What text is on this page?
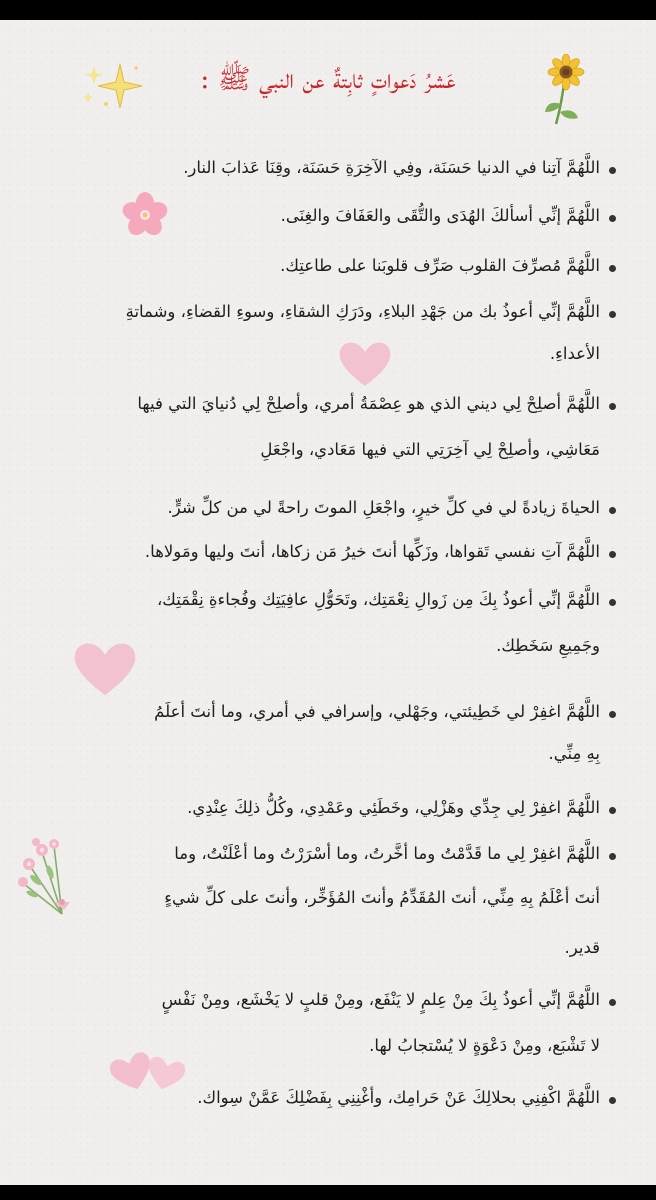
عَشرُ دَعواتٍ ثابِتةٌ عن النبي ﷺ :
اللَّهُمَّ آتِنا في الدنيا حَسَنَة، وفِي الآخِرَةِ حَسَنَة، وقِنَا عَذابَ النار.
اللَّهُمَّ إنِّي أسألكَ الهُدَى والتُّقَى والعَفَافَ والغِنَى.
اللَّهُمَّ مُصرِّفَ القلوب صَرِّف قلوبَنا على طاعتِك.
اللَّهُمَّ إنِّي أعوذُ بك من جَهْدِ البلاءِ، ودَرَكِ الشقاءِ، وسوءِ القضاءِ، وشماتةِ
الأعداءِ.
اللَّهُمَّ أصلِحْ لِي ديني الذي هو عِصْمَةُ أمري، وأصلِحْ لِي دُنيايَ التي فيها
مَعَاشِي، وأصلِحْ لِي آخِرَتِي التي فيها مَعَادي، واجْعَلِ
الحياةَ زيادةً لي في كلِّ خيرٍ، واجْعَلِ الموتَ راحةً لي من كلِّ شرٍّ.
اللَّهُمَّ آتِ نفسي تَقواها، وزَكِّها أنتَ خيرُ مَن زكاها، أنتَ وليها ومَولاها.
اللَّهُمَّ إنِّي أعوذُ بِكَ مِن زَوالِ نِعْمَتِك، وتَحَوُّلِ عافِيَتِك وفُجاءةِ نِقْمَتِك،
وجَمِيعِ سَخَطِك.
اللَّهُمَّ اغفِرْ لي خَطِيئتي، وجَهْلي، وإسرافي في أمري، وما أنتَ أعلَمُ
بِهِ مِنِّي.
اللَّهُمَّ اغفِرْ لِي جِدِّي وهَزْلِي، وخَطَئِي وعَمْدِي، وكُلُّ ذلِكَ عِنْدِي.
اللَّهُمَّ اغفِرْ لِي ما قَدَّمْتُ وما أخَّرتُ، وما أسْرَرْتُ وما أعْلَنْتُ، وما
أنتَ أعْلَمُ بِهِ مِنِّي، أنتَ المُقَدِّمُ وأنتَ المُؤَخِّر، وأنتَ على كلِّ شيءٍ
قدير.
اللَّهُمَّ إنِّي أعوذُ بِكَ مِنْ عِلمٍ لا يَنْفَع، ومِنْ قلبٍ لا يَخْشَع، ومِنْ نَفْسٍ
لا تَشْبَع، ومِنْ دَعْوَةٍ لا يُسْتجابُ لها.
اللَّهُمَّ اكْفِنِي بحلالِكَ عَنْ حَرامِك، وأغْنِنِي بِفَضْلِكَ عَمَّنْ سِواك.
